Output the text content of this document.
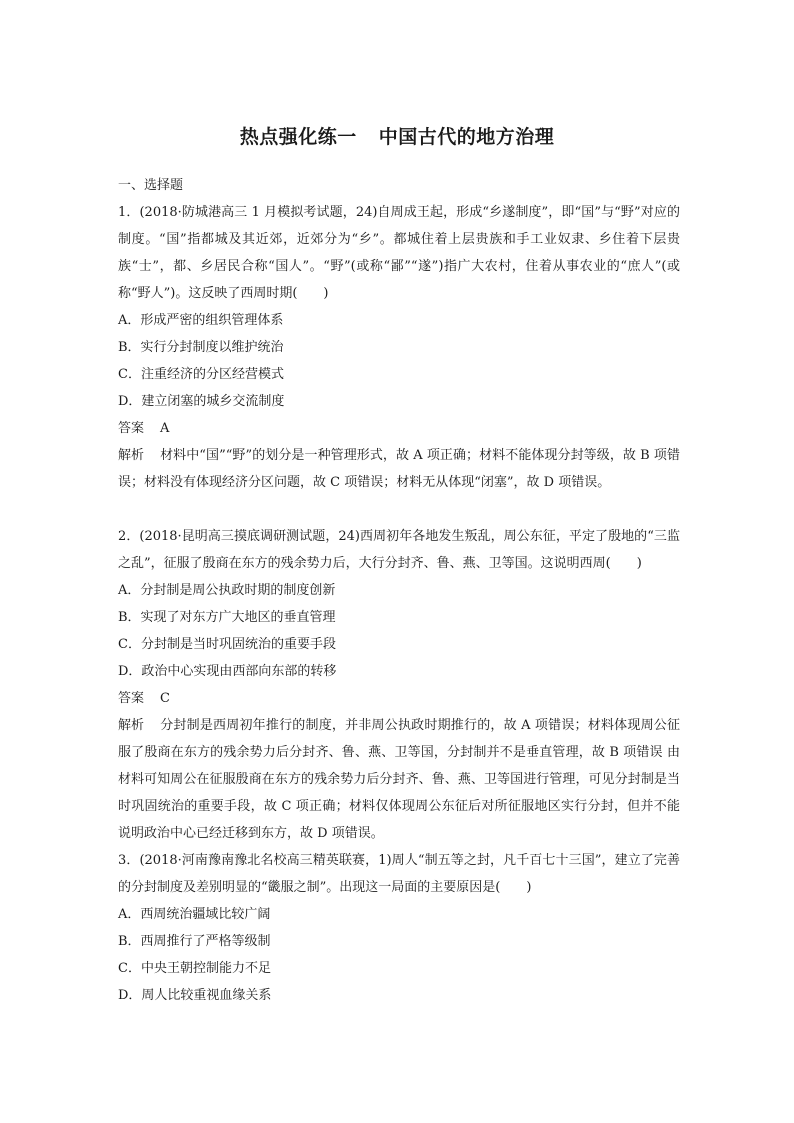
热点强化练一 中国古代的地方治理
一、选择题
1．(2018·防城港高三 1 月模拟考试题，24)自周成王起，形成“乡遂制度”，即“国”与“野”对应的制度。“国”指都城及其近郊，近郊分为“乡”。都城住着上层贵族和手工业奴隶、乡住着下层贵族“士”，都、乡居民合称“国人”。“野”(或称“鄙”“遂”)指广大农村，住着从事农业的“庶人”(或称“野人”)。这反映了西周时期(　　)
A．形成严密的组织管理体系
B．实行分封制度以维护统治
C．注重经济的分区经营模式
D．建立闭塞的城乡交流制度
答案 A
解析 材料中“国”“野”的划分是一种管理形式，故 A 项正确；材料不能体现分封等级，故 B 项错误；材料没有体现经济分区问题，故 C 项错误；材料无从体现“闭塞”，故 D 项错误。
2．(2018·昆明高三摸底调研测试题，24)西周初年各地发生叛乱，周公东征，平定了殷地的“三监之乱”，征服了殷商在东方的残余势力后，大行分封齐、鲁、燕、卫等国。这说明西周(　　)
A．分封制是周公执政时期的制度创新
B．实现了对东方广大地区的垂直管理
C．分封制是当时巩固统治的重要手段
D．政治中心实现由西部向东部的转移
答案 C
解析 分封制是西周初年推行的制度，并非周公执政时期推行的，故 A 项错误；材料体现周公征服了殷商在东方的残余势力后分封齐、鲁、燕、卫等国，分封制并不是垂直管理，故 B 项错误 由材料可知周公在征服殷商在东方的残余势力后分封齐、鲁、燕、卫等国进行管理，可见分封制是当时巩固统治的重要手段，故 C 项正确；材料仅体现周公东征后对所征服地区实行分封，但并不能说明政治中心已经迁移到东方，故 D 项错误。
3．(2018·河南豫南豫北名校高三精英联赛，1)周人“制五等之封，凡千百七十三国”，建立了完善的分封制度及差别明显的“畿服之制”。出现这一局面的主要原因是(　　)
A．西周统治疆域比较广阔
B．西周推行了严格等级制
C．中央王朝控制能力不足
D．周人比较重视血缘关系
